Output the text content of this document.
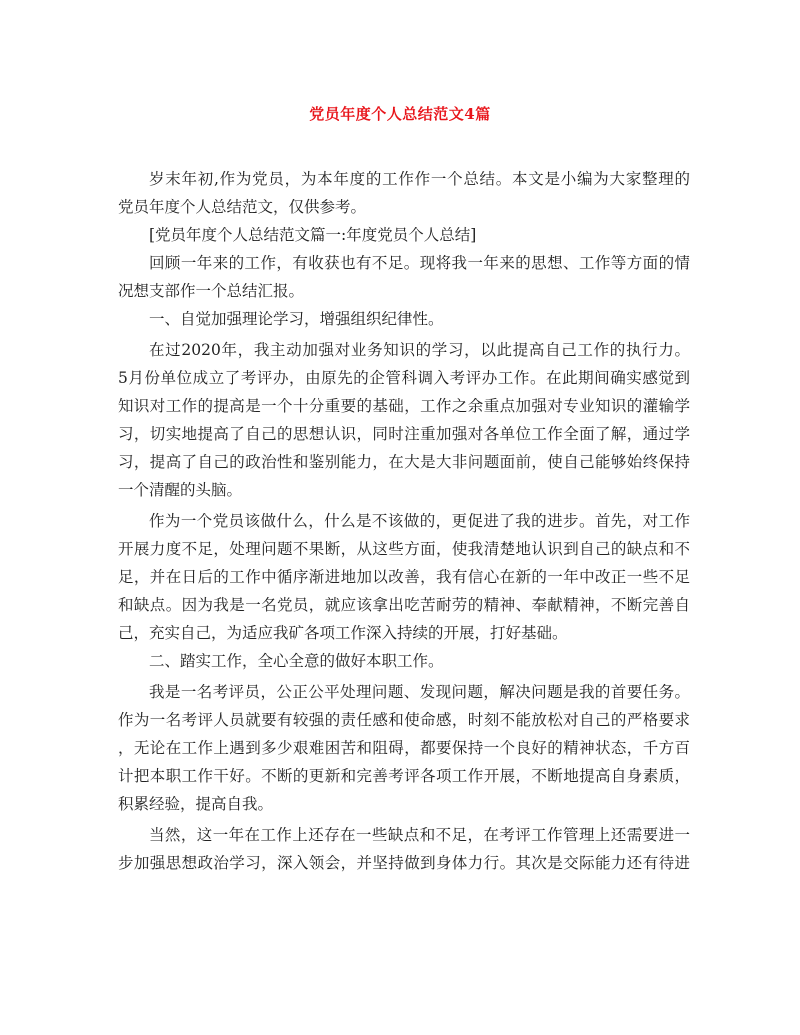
党员年度个人总结范文4篇
岁末年初,作为党员，为本年度的工作作一个总结。本文是小编为大家整理的
党员年度个人总结范文，仅供参考。
[党员年度个人总结范文篇一:年度党员个人总结]
回顾一年来的工作，有收获也有不足。现将我一年来的思想、工作等方面的情
况想支部作一个总结汇报。
一、自觉加强理论学习，增强组织纪律性。
在过2020年，我主动加强对业务知识的学习，以此提高自己工作的执行力。
5月份单位成立了考评办，由原先的企管科调入考评办工作。在此期间确实感觉到
知识对工作的提高是一个十分重要的基础，工作之余重点加强对专业知识的灌输学
习，切实地提高了自己的思想认识，同时注重加强对各单位工作全面了解，通过学
习，提高了自己的政治性和鉴别能力，在大是大非问题面前，使自己能够始终保持
一个清醒的头脑。
作为一个党员该做什么，什么是不该做的，更促进了我的进步。首先，对工作
开展力度不足，处理问题不果断，从这些方面，使我清楚地认识到自己的缺点和不
足，并在日后的工作中循序渐进地加以改善，我有信心在新的一年中改正一些不足
和缺点。因为我是一名党员，就应该拿出吃苦耐劳的精神、奉献精神，不断完善自
己，充实自己，为适应我矿各项工作深入持续的开展，打好基础。
二、踏实工作，全心全意的做好本职工作。
我是一名考评员，公正公平处理问题、发现问题，解决问题是我的首要任务。
作为一名考评人员就要有较强的责任感和使命感，时刻不能放松对自己的严格要求
，无论在工作上遇到多少艰难困苦和阻碍，都要保持一个良好的精神状态，千方百
计把本职工作干好。不断的更新和完善考评各项工作开展，不断地提高自身素质，
积累经验，提高自我。
当然，这一年在工作上还存在一些缺点和不足，在考评工作管理上还需要进一
步加强思想政治学习，深入领会，并坚持做到身体力行。其次是交际能力还有待进
